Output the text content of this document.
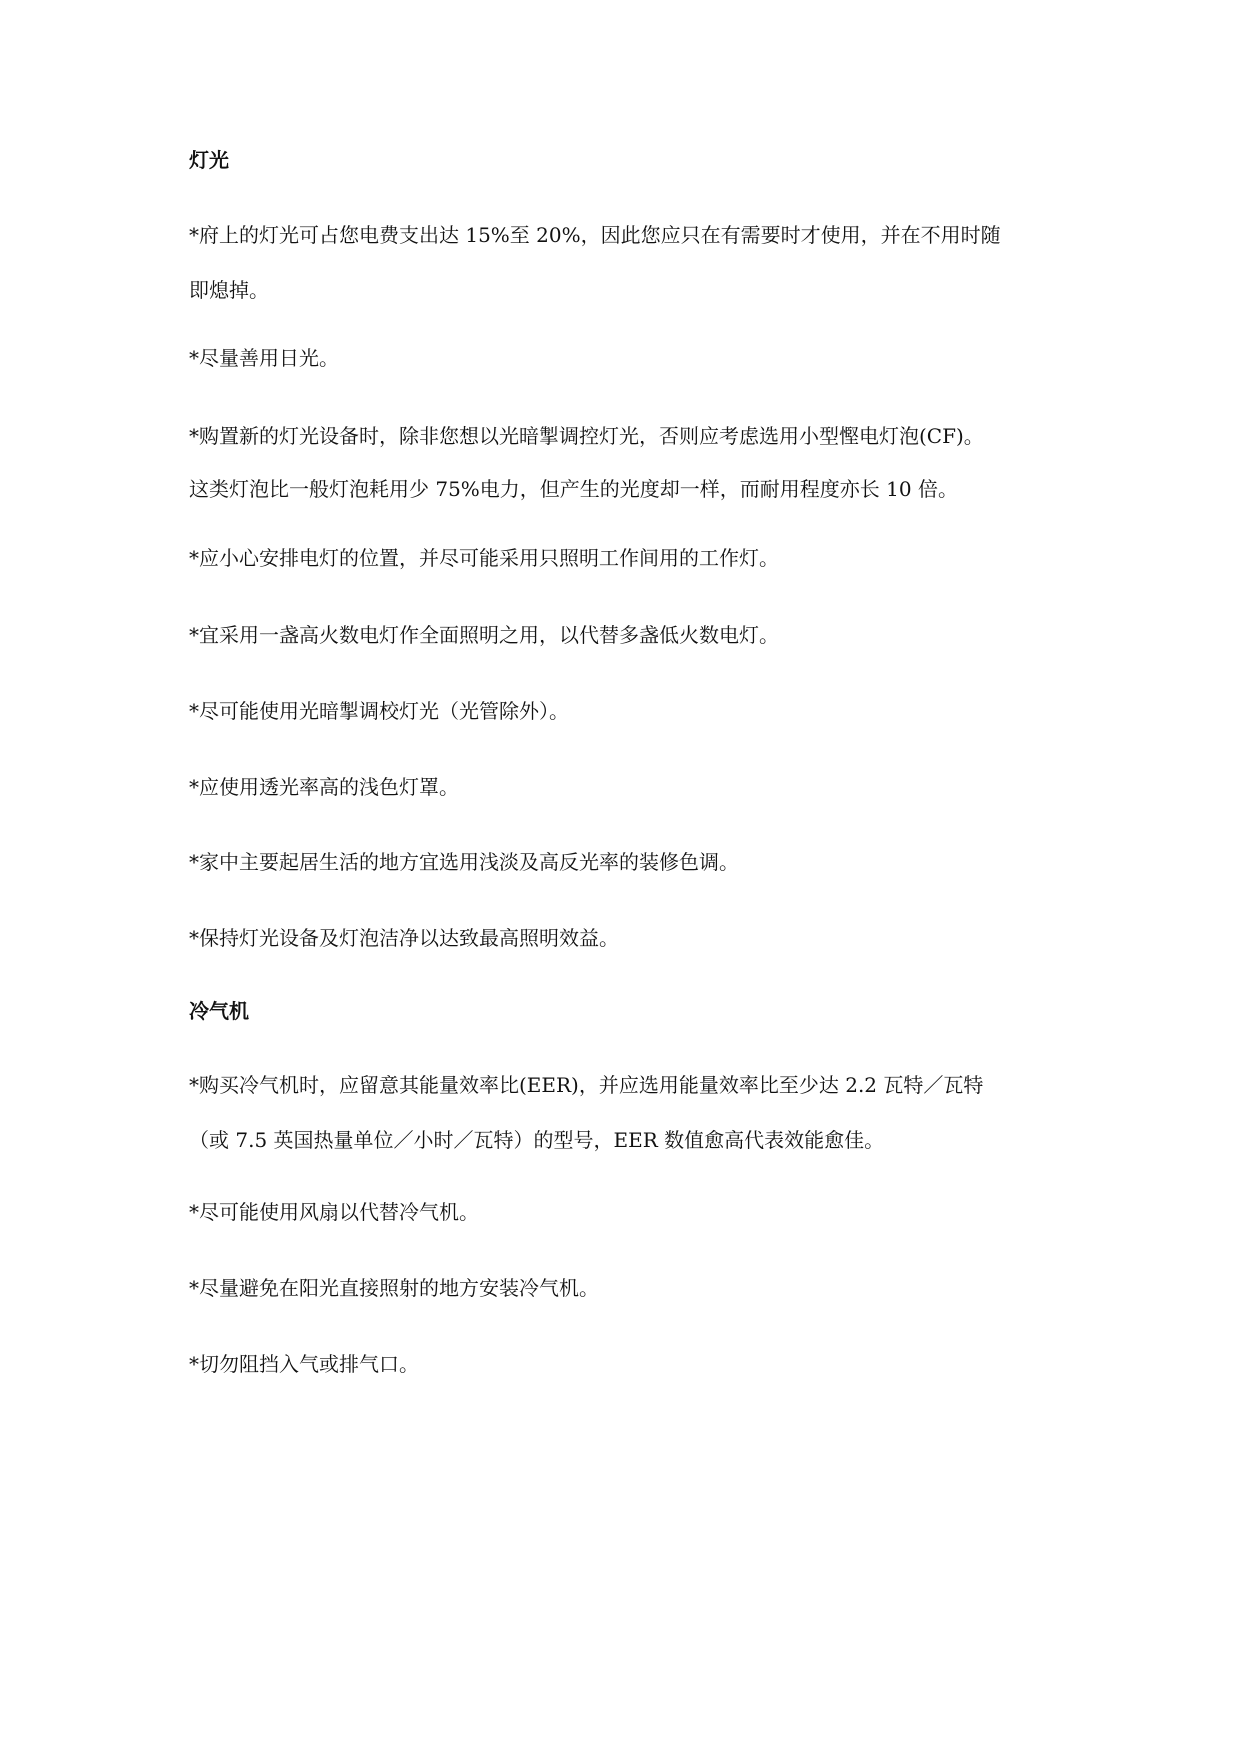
灯光
*府上的灯光可占您电费支出达 15%至 20%，因此您应只在有需要时才使用，并在不用时随
即熄掉。
*尽量善用日光。
*购置新的灯光设备时，除非您想以光暗掣调控灯光，否则应考虑选用小型慳电灯泡(CF)。
这类灯泡比一般灯泡耗用少 75%电力，但产生的光度却一样，而耐用程度亦长 10 倍。
*应小心安排电灯的位置，并尽可能采用只照明工作间用的工作灯。
*宜采用一盏高火数电灯作全面照明之用，以代替多盏低火数电灯。
*尽可能使用光暗掣调校灯光（光管除外）。
*应使用透光率高的浅色灯罩。
*家中主要起居生活的地方宜选用浅淡及高反光率的装修色调。
*保持灯光设备及灯泡洁净以达致最高照明效益。
冷气机
*购买冷气机时，应留意其能量效率比(EER)，并应选用能量效率比至少达 2.2 瓦特／瓦特
（或 7.5 英国热量单位／小时／瓦特）的型号，EER 数值愈高代表效能愈佳。
*尽可能使用风扇以代替冷气机。
*尽量避免在阳光直接照射的地方安装冷气机。
*切勿阻挡入气或排气口。
